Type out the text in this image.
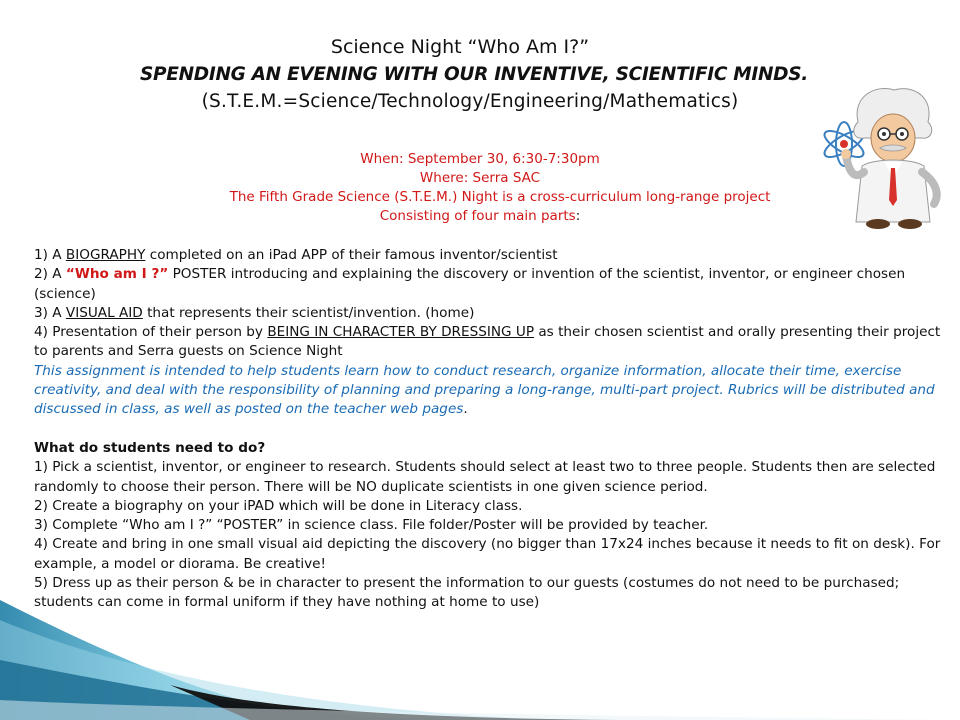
Science Night “Who Am I?”
SPENDING AN EVENING WITH OUR INVENTIVE, SCIENTIFIC MINDS.
(S.T.E.M.=Science/Technology/Engineering/Mathematics)
When: September 30, 6:30-7:30pm
Where: Serra SAC
The Fifth Grade Science (S.T.E.M.) Night is a cross-curriculum long-range project
Consisting of four main parts:

1) A BIOGRAPHY completed on an iPad APP of their famous inventor/scientist

2) A “Who am I ?” POSTER introducing and explaining the discovery or invention of the scientist, inventor, or engineer chosen (science)

3) A VISUAL AID that represents their scientist/invention. (home)

4) Presentation of their person by BEING IN CHARACTER BY DRESSING UP as their chosen scientist and orally presenting their project to parents and Serra guests on Science Night

This assignment is intended to help students learn how to conduct research, organize information, allocate their time, exercise creativity, and deal with the responsibility of planning and preparing a long-range, multi-part project. Rubrics will be distributed and discussed in class, as well as posted on the teacher web pages.

What do students need to do?

1) Pick a scientist, inventor, or engineer to research. Students should select at least two to three people. Students then are selected randomly to choose their person. There will be NO duplicate scientists in one given science period.

2) Create a biography on your iPAD which will be done in Literacy class.

3) Complete “Who am I ?” “POSTER” in science class. File folder/Poster will be provided by teacher.

4) Create and bring in one small visual aid depicting the discovery (no bigger than 17x24 inches because it needs to fit on desk). For example, a model or diorama. Be creative!

5) Dress up as their person & be in character to present the information to our guests (costumes do not need to be purchased; students can come in formal uniform if they have nothing at home to use)
